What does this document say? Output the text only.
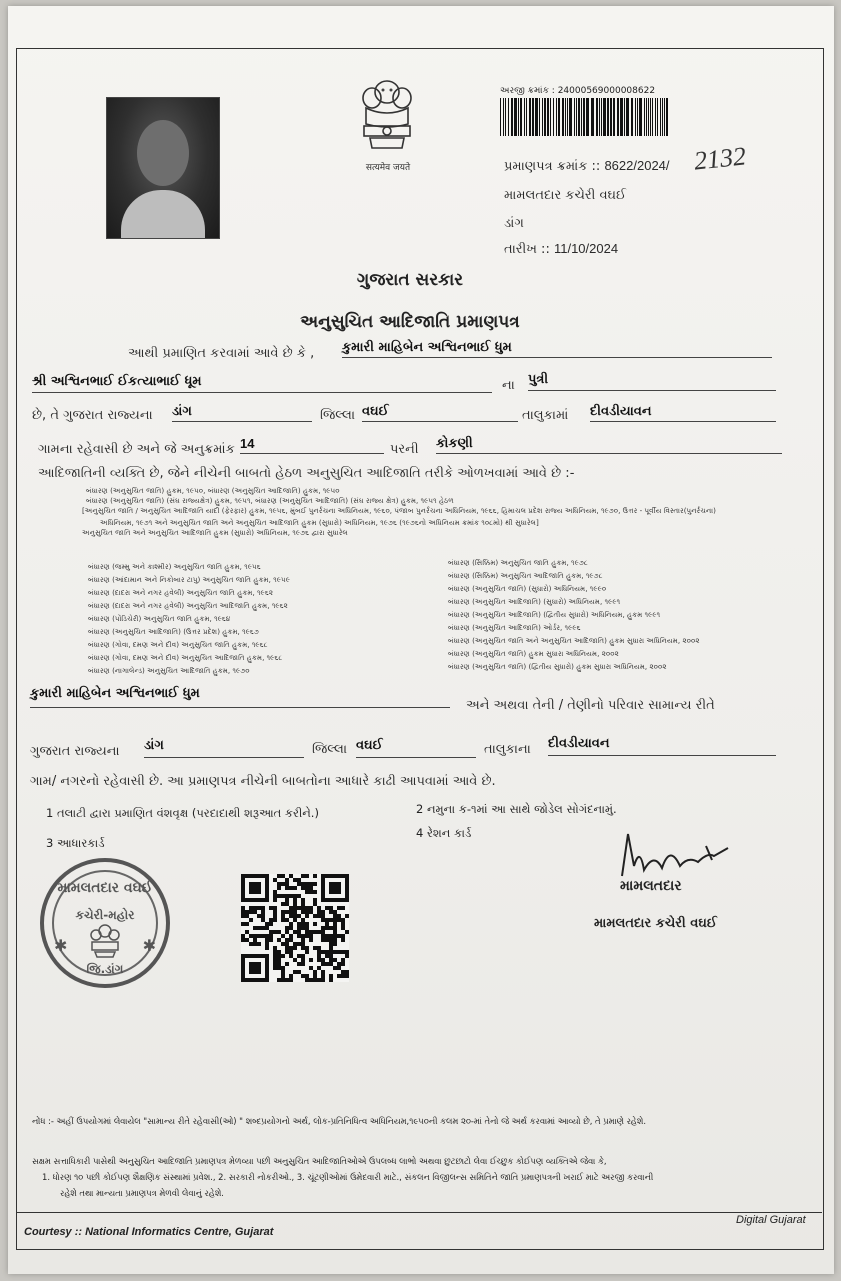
सत्यमेव जयते
અરજી ક્રમાંક : 24000569000008622
પ્રમાણપત્ર ક્રમાંક :: 8622/2024/ 2132
મામલતદાર કચેરી વઘઈ
ડાંગ
તારીખ :: 11/10/2024
ગુજરાત સરકાર
અનુસુચિત આદિજાતિ પ્રમાણપત્ર
આથી પ્રમાણિત કરવામાં આવે છે કે , કુમારી માહિબેન અશ્વિનભાઈ ધુમ
શ્રી અશ્વિનભાઈ ઈકત્યાભાઈ ધૂમ	ના પુત્રી
છે, તે ગુજરાત રાજ્યના ડાંગ	જિલ્લા વઘઈ	તાલુકામાં દીવડીયાવન
ગામના રહેવાસી છે અને જે અનુક્રમાંક 14	પરની કોકણી
આદિજાતિની વ્યક્તિ છે, જેને નીચેની બાબતો હેઠળ અનુસુચિત આદિજાતિ તરીકે ઓળખવામાં આવે છે :-
બંધારણ (અનુસુચિત જાતિ) હુકમ, ૧૯૫૦, બંધારણ (અનુસુચિત આદિજાતિ) હુકમ, ૧૯૫૦
બંધારણ (અનુસુચિત જાતિ) (સંઘ રાજ્યક્ષેત્ર) હુકમ, ૧૯૫૧, બંધારણ (અનુસુચિત આદિજાતિ) (સંઘ રાજ્ય ક્ષેત્ર) હુકમ, ૧૯૫૧ હેઠળ
[અનુસુચિત જાતિ / અનુસુચિત આદિજાતિ યાદી (ફેરફાર) હુકમ, ૧૯૫૬, મુંબઈ પુનર્રચના અધિનિયમ, ૧૯૬૦, પંજાબ પુનર્રચના અધિનિયમ, ૧૯૬૬, હિમાચલ પ્રદેશ રાજ્ય અધિનિયમ, ૧૯૭૦, ઉત્તર - પૂર્વીય વિસ્તાર(પુનર્રચના)
અધિનિયમ, ૧૯૭૧ અને અનુસુચિત જાતિ અને અનુસુચિત આદિજાતિ હુકમ (સુધારો) અધિનિયમ, ૧૯૭૬ (૧૯૭૬નો અધિનિયમ ક્રમાંક ૧૦૮મો) થી સુધારેલ]
અનુસુચિત જાતિ અને અનુસુચિત આદિજાતિ હુકમ (સુધારો) અધિનિયમ, ૧૯૭૬ દ્વારા સુધારેલ
બંધારણ (જમ્મુ અને કાશ્મીર) અનુસુચિત જાતિ હુકમ, ૧૯૫૬
બંધારણ (આંદામાન અને નિકોબાર ટાપુ) અનુસુચિત જાતિ હુકમ, ૧૯૫૯
બંધારણ (દાદરા અને નગર હવેલી) અનુસુચિત જાતિ હુકમ, ૧૯૬૨
બંધારણ (દાદરા અને નગર હવેલી) અનુસુચિત આદિજાતિ હુકમ, ૧૯૬૨
બંધારણ (પોંડિચેરી) અનુસુચિત જાતિ હુકમ, ૧૯૬૪
બંધારણ (અનુસુચિત આદિજાતિ) (ઉત્તર પ્રદેશ) હુકમ, ૧૯૬૭
બંધારણ (ગોવા, દમણ અને દીવ) અનુસુચિત જાતિ હુકમ, ૧૯૬૮
બંધારણ (ગોવા, દમણ અને દીવ) અનુસુચિત આદિજાતિ હુકમ, ૧૯૬૮
બંધારણ (નાગાલેન્ડ) અનુસુચિત આદિજાતિ હુકમ, ૧૯૭૦
બંધારણ (સિક્કિમ) અનુસુચિત જાતિ હુકમ, ૧૯૭૮
બંધારણ (સિક્કિમ) અનુસુચિત આદિજાતિ હુકમ, ૧૯૭૮
બંધારણ (અનુસુચિત જાતિ) (સુધારો) અધિનિયમ, ૧૯૯૦
બંધારણ (અનુસુચિત આદિજાતિ) (સુધારો) અધિનિયમ, ૧૯૯૧
બંધારણ (અનુસુચિત આદિજાતિ) (દ્વિતીય સુધારો) અધિનિયમ, હુકમ ૧૯૯૧
બંધારણ (અનુસુચિત આદિજાતિ) ઓર્ડર, ૧૯૯૬
બંધારણ (અનુસુચિત જાતિ અને અનુસુચિત આદિજાતિ) હુકમ સુધારા અધિનિયમ, ૨૦૦૨
બંધારણ (અનુસુચિત જાતિ) હુકમ સુધારા અધિનિયમ, ૨૦૦૨
બંધારણ (અનુસુચિત જાતિ) (દ્વિતીય સુધારો) હુકમ સુધારા અધિનિયમ, ૨૦૦૨
કુમારી માહિબેન અશ્વિનભાઈ ધુમ
અને અથવા તેની / તેણીનો પરિવાર સામાન્ય રીતે
ગુજરાત રાજ્યના ડાંગ	જિલ્લા વઘઈ	તાલુકાના દીવડીયાવન
ગામ/ નગરનો રહેવાસી છે. આ પ્રમાણપત્ર નીચેની બાબતોના આધારે કાઢી આપવામાં આવે છે.
1 તલાટી દ્વારા પ્રમાણિત વંશવૃક્ષ (પરદાદાથી શરૂઆત કરીને.)	2 નમુના ક-૧માં આ સાથે જોડેલ સોગંદનામું.
3 આધારકાર્ડ
4 રેશન કાર્ડ
મામલતદાર વઘઈ
કચેરી-મહોર
✱	✱
જિ.ડાંગ
મામલતદાર
મામલતદાર કચેરી વઘઈ
નોંધ :- અહીં ઉપયોગમાં લેવાયેલ "સામાન્ય રીતે રહેવાસી(ઓ) " શબ્દપ્રયોગનો અર્થ, લોક-પ્રતિનિધિત્વ અધિનિયમ,૧૯૫૦ની કલમ ૨૦-માં તેનો જે અર્થ કરવામાં આવ્યો છે, તે પ્રમાણે રહેશે.
સક્ષમ સત્તાધિકારી પાસેથી અનુસુચિત આદિજાતિ પ્રમાણપત્ર મેળવ્યા પછી અનુસુચિત આદિજાતિઓએ ઉપલબ્ધ લાભો અથવા છુટછાટો લેવા ઈચ્છુક કોઈપણ વ્યક્તિએ જેવા કે,
1. ધોરણ ૧૦ પછી કોઈપણ શૈક્ષણિક સંસ્થામાં પ્રવેશ., 2. સરકારી નોકરીઓ., 3. ચૂંટણીઓમાં ઉમેદવારી માટે., સંકલન વિજીલન્સ સમિતિને જાતિ પ્રમાણપત્રની ખરાઈ માટે અરજી કરવાની
રહેશે તથા માન્યતા પ્રમાણપત્ર મેળવી લેવાનું રહેશે.
Courtesy :: National Informatics Centre, Gujarat
Digital Gujarat
